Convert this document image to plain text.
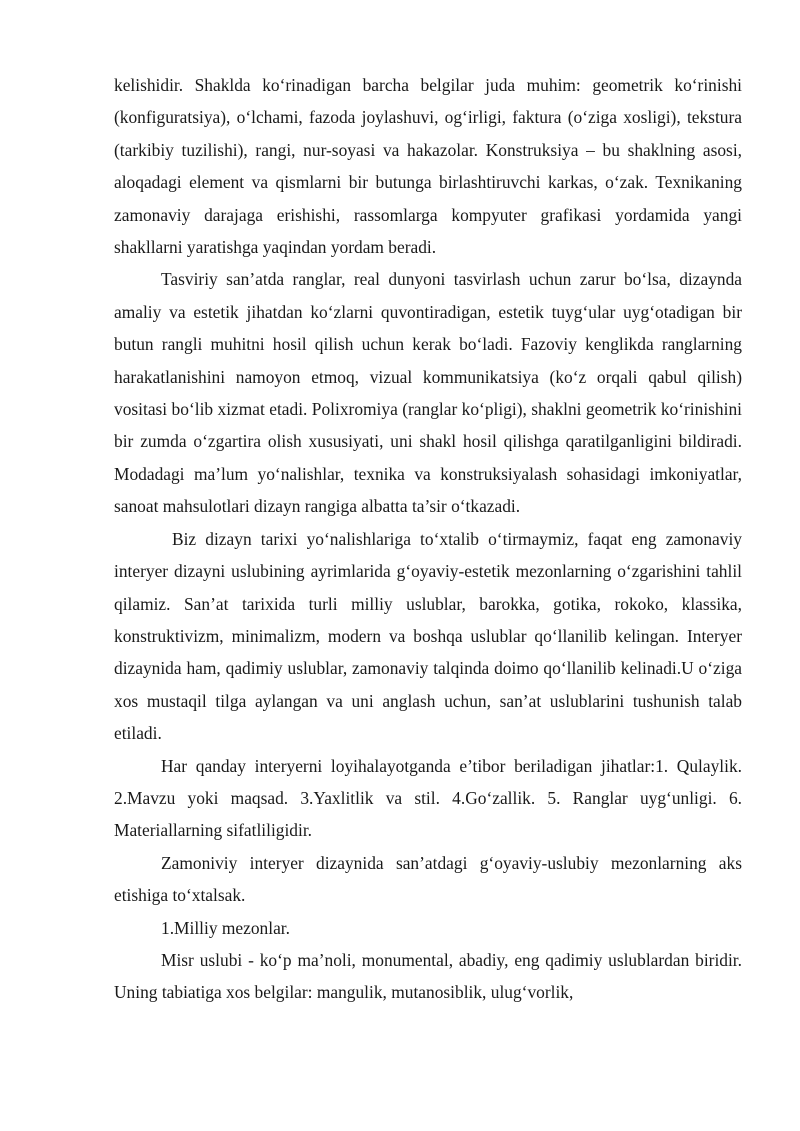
kelishidir. Shaklda ko‘rinadigan barcha belgilar juda muhim: geometrik ko‘rinishi (konfiguratsiya), o‘lchami, fazoda joylashuvi, og‘irligi, faktura (o‘ziga xosligi), tekstura (tarkibiy tuzilishi), rangi, nur-soyasi va hakazolar. Konstruksiya – bu shaklning asosi, aloqadagi element va qismlarni bir butunga birlashtiruvchi karkas, o‘zak. Texnikaning zamonaviy darajaga erishishi, rassomlarga kompyuter grafikasi yordamida yangi shakllarni yaratishga yaqindan yordam beradi.

Tasviriy san’atda ranglar, real dunyoni tasvirlash uchun zarur bo‘lsa, dizaynda amaliy va estetik jihatdan ko‘zlarni quvontiradigan, estetik tuyg‘ular uyg‘otadigan bir butun rangli muhitni hosil qilish uchun kerak bo‘ladi. Fazoviy kenglikda ranglarning harakatlanishini namoyon etmoq, vizual kommunikatsiya (ko‘z orqali qabul qilish) vositasi bo‘lib xizmat etadi. Polixromiya (ranglar ko‘pligi), shaklni geometrik ko‘rinishini bir zumda o‘zgartira olish xususiyati, uni shakl hosil qilishga qaratilganligini bildiradi. Modadagi ma’lum yo‘nalishlar, texnika va konstruksiyalash sohasidagi imkoniyatlar, sanoat mahsulotlari dizayn rangiga albatta ta’sir o‘tkazadi.

Biz dizayn tarixi yo‘nalishlariga to‘xtalib o‘tirmaymiz, faqat eng zamonaviy interyer dizayni uslubining ayrimlarida g‘oyaviy-estetik mezonlarning o‘zgarishini tahlil qilamiz. San’at tarixida turli milliy uslublar, barokka, gotika, rokoko, klassika, konstruktivizm, minimalizm, modern va boshqa uslublar qo‘llanilib kelingan. Interyer dizaynida ham, qadimiy uslublar, zamonaviy talqinda doimo qo‘llanilib kelinadi.U o‘ziga xos mustaqil tilga aylangan va uni anglash uchun, san’at uslublarini tushunish talab etiladi.

Har qanday interyerni loyihalayotganda e’tibor beriladigan jihatlar:1. Qulaylik. 2.Mavzu yoki maqsad. 3.Yaxlitlik va stil. 4.Go‘zallik. 5. Ranglar uyg‘unligi. 6. Materiallarning sifatliligidir.

Zamoniviy interyer dizaynida san’atdagi g‘oyaviy-uslubiy mezonlarning aks etishiga to‘xtalsak.

1.Milliy mezonlar.

Misr uslubi - ko‘p ma’noli, monumental, abadiy, eng qadimiy uslublardan biridir. Uning tabiatiga xos belgilar: mangulik, mutanosiblik, ulug‘vorlik,
